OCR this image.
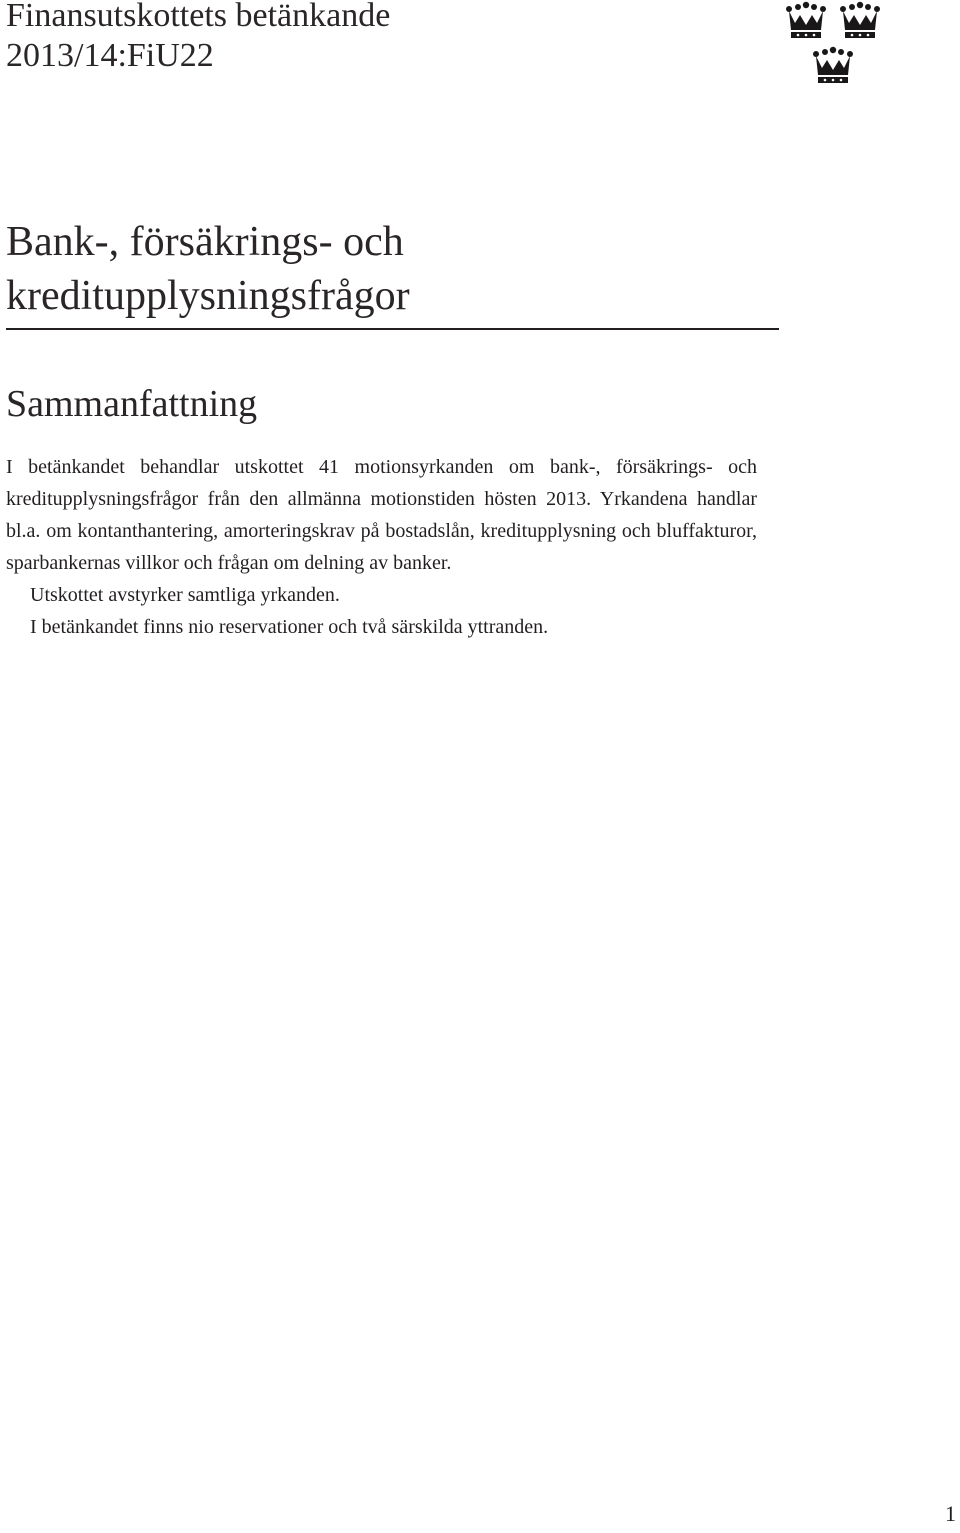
Finansutskottets betänkande
2013/14:FiU22
Bank-, försäkrings- och
kreditupplysningsfrågor
Sammanfattning

I betänkandet behandlar utskottet 41 motionsyrkanden om bank-, försäkrings- och kreditupplysningsfrågor från den allmänna motionstiden hösten 2013. Yrkandena handlar bl.a. om kontanthantering, amorteringskrav på bostadslån, kreditupplysning och bluffakturor, sparbankernas villkor och frågan om delning av banker.

Utskottet avstyrker samtliga yrkanden.

I betänkandet finns nio reservationer och två särskilda yttranden.

1
